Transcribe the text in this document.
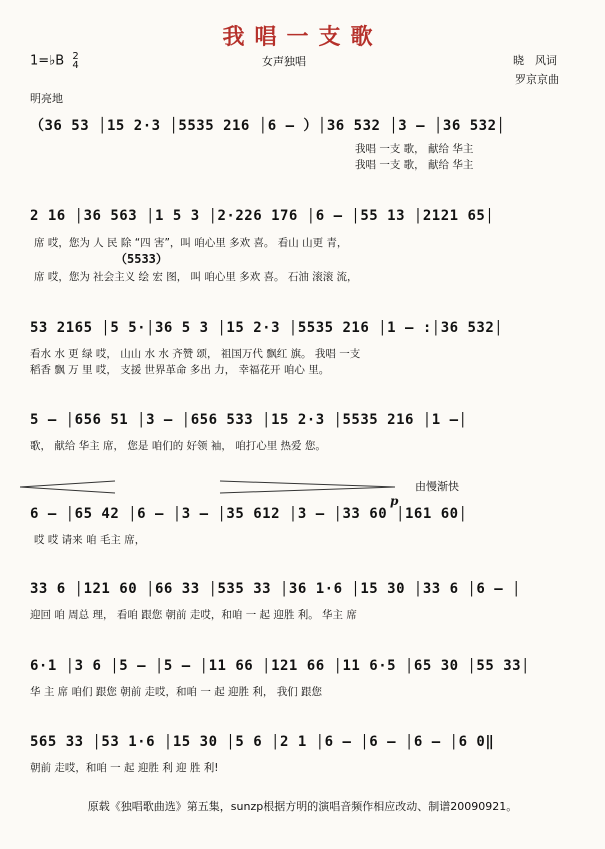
我唱一支歌
1=♭B 2
4	女声独唱	晓　风词
罗京京曲
明亮地
（36 53 │15 2·3 │5535 216 │6 – ）│36 532 │3 – │36 532│
我唱 一支 歌， 献给 华主
我唱 一支 歌， 献给 华主
2 16 │36 563 │1 5 3 │2·226 176 │6 – │55 13 │2121 65│
席 哎，您为 人 民 除 “四 害”，叫 咱心里 多欢 喜。 看山 山更 青，
（5533）
席 哎，您为 社会主义 绘 宏 图， 叫 咱心里 多欢 喜。 石油 滚滚 流，
53 2165 │5 5·│36 5 3 │15 2·3 │5535 216 │1 – :│36 532│
看水 水 更 绿 哎， 山山 水 水 齐赞 颂， 祖国万代 飘红 旗。 我唱 一支
稻香 飘 万 里 哎， 支援 世界革命 多出 力， 幸福花开 咱心 里。
5 – │656 51 │3 – │656 533 │15 2·3 │5535 216 │1 –│
歌， 献给 华主 席， 您是 咱们的 好领 袖， 咱打心里 热爱 您。
由慢渐快
p
6 – │65 42 │6 – │3 – │35 612 │3 – │33 60 │161 60│
哎 哎 请来 咱 毛主 席，
33 6 │121 60 │66 33 │535 33 │36 1·6 │15 30 │33 6 │6 – │
迎回 咱 周总 理， 看咱 跟您 朝前 走哎，和咱 一 起 迎胜 利。 华主 席
6·1 │3 6 │5 – │5 – │11 66 │121 66 │11 6·5 │65 30 │55 33│
华 主 席 咱们 跟您 朝前 走哎，和咱 一 起 迎胜 利， 我们 跟您
565 33 │53 1·6 │15 30 │5 6 │2 1 │6 – │6 – │6 – │6 0‖
朝前 走哎，和咱 一 起 迎胜 利 迎 胜 利!
原载《独唱歌曲选》第五集，sunzp根据方明的演唱音频作相应改动、制谱20090921。
